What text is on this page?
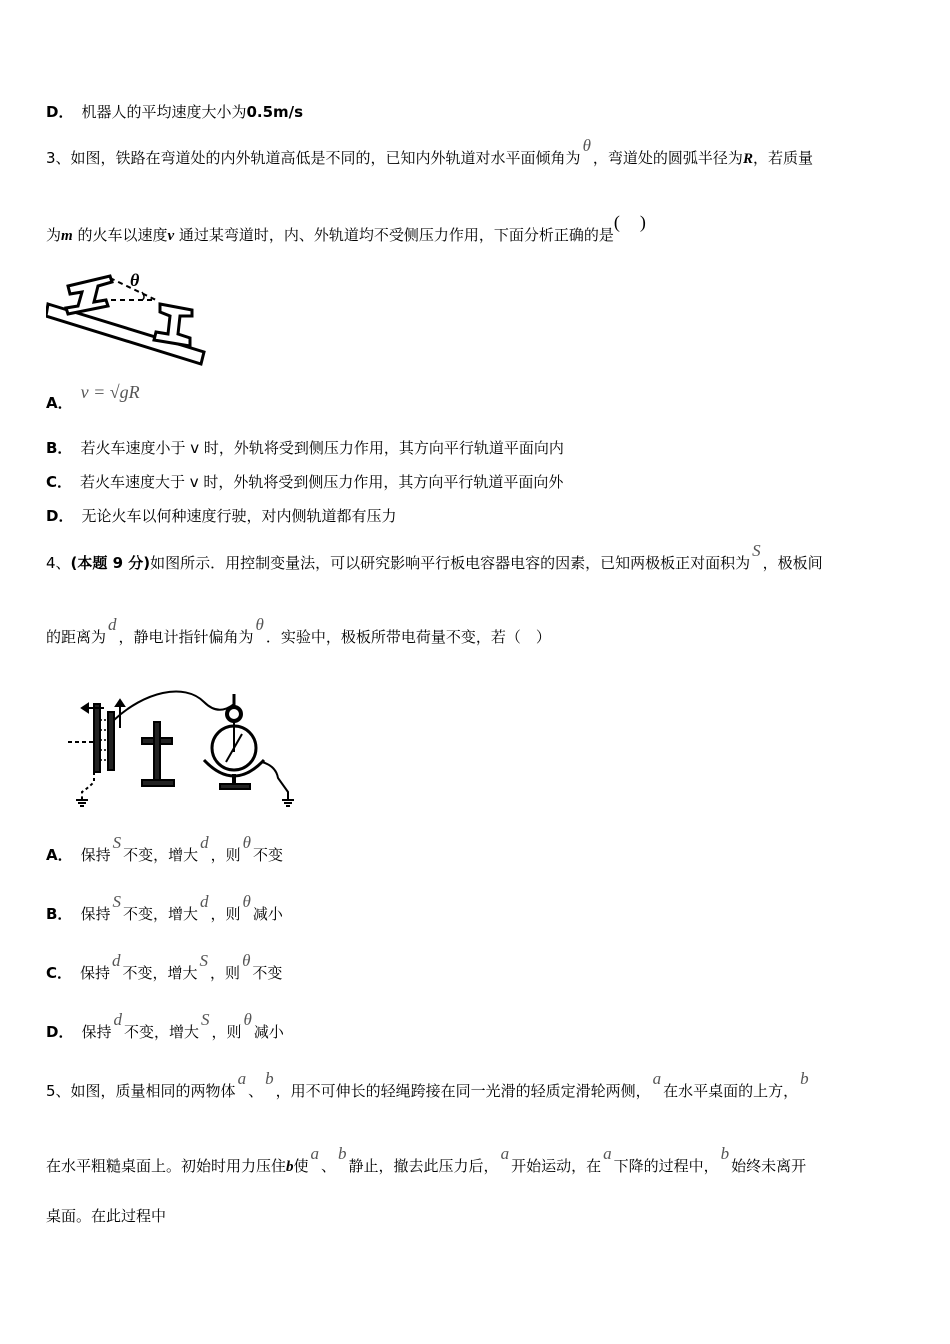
D． 机器人的平均速度大小为0.5m/s
3、如图，铁路在弯道处的内外轨道高低是不同的，已知内外轨道对水平面倾角为θ，弯道处的圆弧半径为R，若质量
为m 的火车以速度v 通过某弯道时，内、外轨道均不受侧压力作用，下面分析正确的是(　　 )
θ
A．v = √gR
B． 若火车速度小于 v 时，外轨将受到侧压力作用，其方向平行轨道平面向内
C． 若火车速度大于 v 时，外轨将受到侧压力作用，其方向平行轨道平面向外
D． 无论火车以何种速度行驶，对内侧轨道都有压力
4、(本题 9 分)如图所示．用控制变量法，可以研究影响平行板电容器电容的因素，已知两极板正对面积为S，极板间
的距离为d，静电计指针偏角为θ．实验中，极板所带电荷量不变，若（　）
A． 保持S不变，增大d，则θ不变
B． 保持S不变，增大d，则θ减小
C． 保持d不变，增大S，则θ不变
D． 保持d不变，增大S，则θ减小
5、如图，质量相同的两物体a、b，用不可伸长的轻绳跨接在同一光滑的轻质定滑轮两侧，a在水平桌面的上方，b
在水平粗糙桌面上。初始时用力压住b使a、b静止，撤去此压力后，a开始运动，在a下降的过程中，b始终未离开
桌面。在此过程中
